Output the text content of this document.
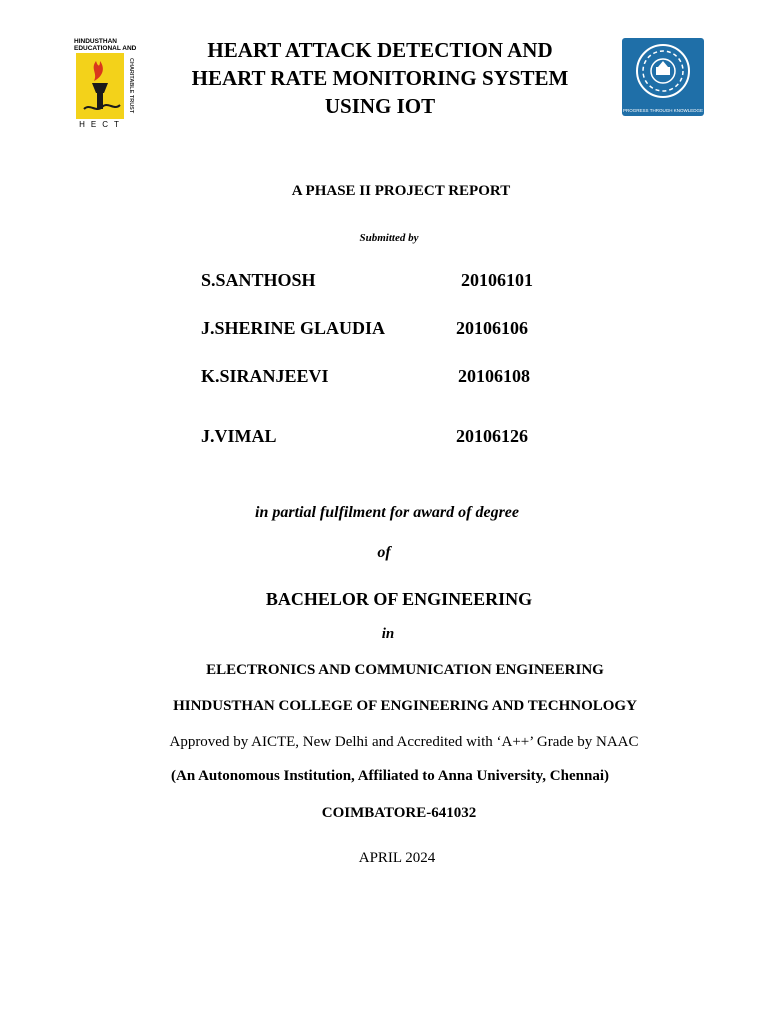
HINDUSTHAN EDUCATIONAL AND
CHARITABLE TRUST
HECT
PROGRESS THROUGH KNOWLEDGE
HEART ATTACK DETECTION AND
HEART RATE MONITORING SYSTEM
USING IOT
A PHASE II PROJECT REPORT
Submitted by
S.SANTHOSH	20106101
J.SHERINE GLAUDIA	20106106
K.SIRANJEEVI	20106108
J.VIMAL	20106126
in partial fulfilment for award of degree
of
BACHELOR OF ENGINEERING
in
ELECTRONICS AND COMMUNICATION ENGINEERING
HINDUSTHAN COLLEGE OF ENGINEERING AND TECHNOLOGY
Approved by AICTE, New Delhi and Accredited with ‘A++’ Grade by NAAC
(An Autonomous Institution, Affiliated to Anna University, Chennai)
COIMBATORE-641032
APRIL 2024
